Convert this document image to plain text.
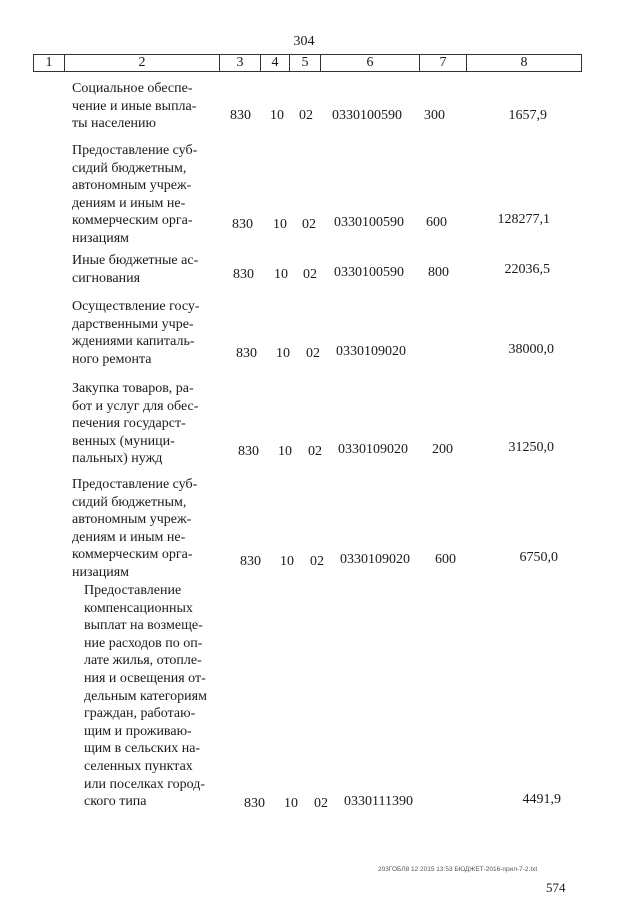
304
1	2	3	4	5	6	7	8
Социальное обеспе-
чение и иные выпла-
ты населению
830 10 02 0330100590 300	1657,9
Предоставление суб-
сидий бюджетным,
автономным учреж-
дениям и иным не-
коммерческим орга-
низациям
830 10 02 0330100590 600	128277,1
Иные бюджетные ас-
сигнования	830 10 02 0330100590 800	22036,5
Осуществление госу-
дарственными учре-
ждениями капиталь-
ного ремонта	830 10 02 0330109020	38000,0
Закупка товаров, ра-
бот и услуг для обес-
печения государст-
венных (муници-
пальных) нужд	830 10 02 0330109020 200	31250,0
Предоставление суб-
сидий бюджетным,
автономным учреж-
дениям и иным не-
коммерческим орга-
низациям
830 10 02 0330109020 600	6750,0
Предоставление
компенсационных
выплат на возмеще-
ние расходов по оп-
лате жилья, отопле-
ния и освещения от-
дельным категориям
граждан, работаю-
щим и проживаю-
щим в сельских на-
селенных пунктах
или поселках город-
ского типа	830 10 02 0330111390	4491,9
203ГОБЛ8 12 2015 13:53 БЮДЖЕТ-2016-прил-7-2.txt
574
